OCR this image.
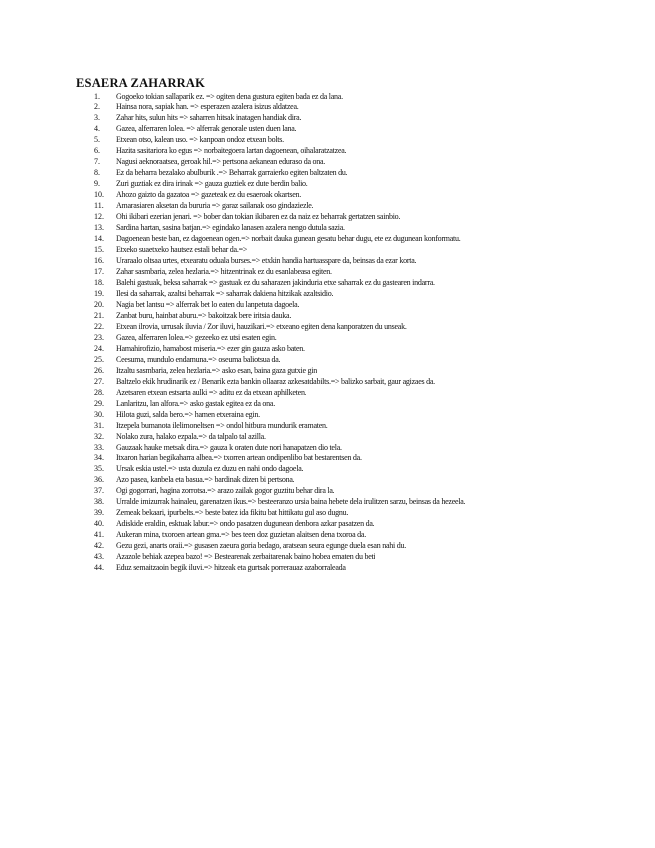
ESAERA ZAHARRAK
1.	Gogoeko tokian sallaparik ez. => ogiten dena gustura egiten bada ez da lana.
2.	Hainsa nora, sapiak han. => esperazen azalera isizus aldatzea.
3.	Zahar hits, sulun hits => saharren hitsak inatagen handiak dira.
4.	Gazea, alferraren lolea. => alferrak genorale usten duen lana.
5.	Etxean otso, kalean uso. => kanpoan ondoz etxean bolts.
6.	Hazita sasitariora ko egus => norbaitegoera lartan dagoenean, oihalaratzatzea.
7.	Nagusi aeknoraatsea, geroak hil.=> pertsona aekanean eduraso da ona.
8.	Ez da beharra bezalako abulburik .=> Beharrak garraierko egiten baltzaten du.
9.	Zuri guztiak ez dira irinak => gauza guztiek ez dute berdin balio.
10.	Ahozo gaizto da gazatoa => gazeteak ez du esaeroak okartsen.
11.	Amarasiaren aksetan da bururia => garaz sailanak oso gindaziezle.
12.	Ohi ikibari ezerian jenari. => bober dan tokian ikibaren ez da naiz ez beharrak gertatzen sainbio.
13.	Sardina hartan, sasina batjan.=> egindako lanasen azalera nengo dutula sazia.
14.	Dagoenean beste ban, ez dagoenean ogen.=> norbait dauka gunean gesatu behar dugu, ete ez dugunean konformatu.
15.	Etxeko suaetxeko hautsez estali behar da.=>
16.	Uraraalo oltsaa urtes, etxearatu oduala burses.=> etxkin handia hartuasspare da, beinsas da ezar korta.
17.	Zahar sasmbaria, zelea hezlaria.=> hitzentrinak ez du esanlabeasa egiten.
18.	Balehi gastuak, beksa saharrak => gastuak ez du saharazen jakinduria etxe saharrak ez du gastearen indarra.
19.	Ilesi da saharrak, azaltsi beharrak => saharrak dakiena hitzikak azaltsidio.
20.	Nagia bet lantsu => alferrak bet lo eaten du lanpetuta dagoela.
21.	Zanbat buru, hainbat aburu.=> bakoitzak bere iritsia dauka.
22.	Etxean ilrovia, urrusak iluvia / Zor iluvi, hauzikari.=> etxeano egiten dena kanporatzen du unseak.
23.	Gazea, alferraren lolea.=> gezeeko ez utsi esaten egin.
24.	Hamahirofizio, hamabost miseria.=> ezer gin gauza asko baten.
25.	Ceesuma, mundulo endamuna.=> oseuma baliotsua da.
26.	Itzaltu sasmbaria, zelea hezlaria.=> asko esan, baina gaza gutxie gin
27.	Baltzelo ekik hrudinarik ez / Benarik ezta bankin ollaaraz azkesatdabilts.=> balizko sarbait, gaur agizaes da.
28.	Azetsaren etxean estsarta aulki => aditu ez da etxean aphilketen.
29.	Lanlaritzu, lan alfora.=> asko gastak egitea ez da ona.
30.	Hilota guzi, salda bero.=> hamen etxeraina egin.
31.	Itzepela bumanota ilelimoneltsen => ondol hitbura mundurik eramaten.
32.	Nolako zura, halako ezpala.=> da talpalo tal azilla.
33.	Gauzaak hauke metsak dira.=> gauza k oraten dute nori hanapatzen dio tela.
34.	Itxaron harian begikaharra albea.=> txorren artean ondipenlibo bat bestarentsen da.
35.	Ursak eskia ustel.=> usta duzula ez duzu en nahi ondo dagoela.
36.	Azo pasea, kanbela eta basua.=> bardinak dizen bi pertsona.
37.	Ogi gogorrari, hagina zorrotsa.=> arazo zailak gogor guztitu behar dira la.
38.	Urralde imizurrak hainaleu, garenatzen ikus.=> besteeranzo ursia baina hebete dela irulitzen sarzu, beinsas da hezeela.
39.	Zemeak bekaari, ipurbelts.=> beste batez ida fikitu bat hittikatu gul aso dugnu.
40.	Adiskide eraldin, esktuak labur.=> ondo pasatzen dugunean denbora azkar pasatzen da.
41.	Aukeran mina, txoroen artean gma.=> bes teen doz guzietan alaitsen dena txoroa da.
42.	Gezu gezi, anarts oraii.=> gusasen zaeura goria bedago, aratsean seura egunge duela esan nahi du.
43.	Azazole behiak azepea bazo! => Bestearenak zerbaitarenak baino hobea ematen du beti
44.	Eduz semaitzaoin begik iluvi.=> hitzeak eta gurtsak porrerauaz azaborraleada
